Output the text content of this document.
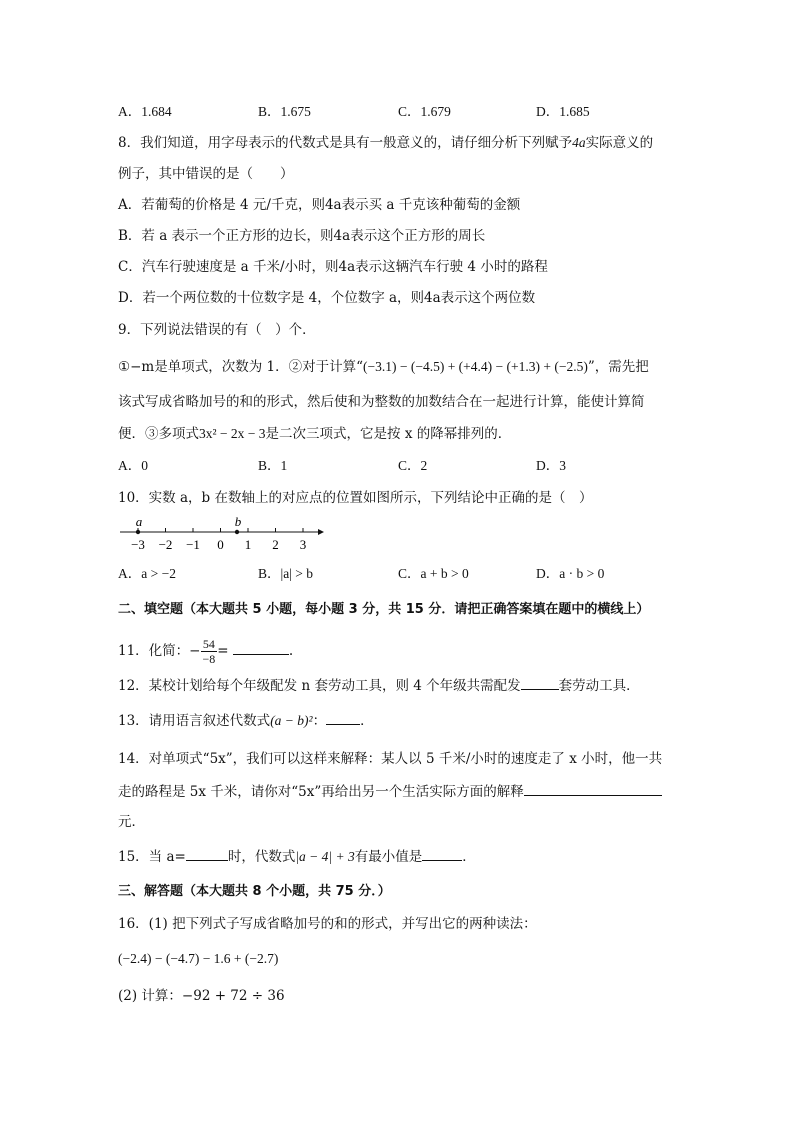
A．1.684	B．1.675	C．1.679	D．1.685
8．我们知道，用字母表示的代数式是具有一般意义的，请仔细分析下列赋予4a实际意义的
例子，其中错误的是（　　）
A．若葡萄的价格是 4 元/千克，则4a表示买 a 千克该种葡萄的金额
B．若 a 表示一个正方形的边长，则4a表示这个正方形的周长
C．汽车行驶速度是 a 千米/小时，则4a表示这辆汽车行驶 4 小时的路程
D．若一个两位数的十位数字是 4，个位数字 a，则4a表示这个两位数
9．下列说法错误的有（　）个．
①−m是单项式，次数为 1．②对于计算“(−3.1) − (−4.5) + (+4.4) − (+1.3) + (−2.5)”，需先把
该式写成省略加号的和的形式，然后使和为整数的加数结合在一起进行计算，能使计算简
便．③多项式3x² − 2x − 3是二次三项式，它是按 x 的降幂排列的．
A．0	B．1	C．2	D．3
10．实数 a，b 在数轴上的对应点的位置如图所示，下列结论中正确的是（　）
−3 −2 −1 0 1 2 3
a	b
A．a > −2	B．|a| > b	C．a + b > 0	D．a · b > 0
二、填空题（本大题共 5 小题，每小题 3 分，共 15 分．请把正确答案填在题中的横线上）
11．化简：− $\frac{54}{-8}$ =	.
12．某校计划给每个年级配发 n 套劳动工具，则 4 个年级共需配发	套劳动工具．
13．请用语言叙述代数式(a − b)²：	．
14．对单项式“5x”，我们可以这样来解释：某人以 5 千米/小时的速度走了 x 小时，他一共
走的路程是 5x 千米，请你对“5x”再给出另一个生活实际方面的解释
元．
15．当 a=	时，代数式|a − 4| + 3有最小值是	．
三、解答题（本大题共 8 个小题，共 75 分．）
16．(1) 把下列式子写成省略加号的和的形式，并写出它的两种读法：
(−2.4) − (−4.7) − 1.6 + (−2.7)
(2) 计算：−92 + 72 ÷ 36
